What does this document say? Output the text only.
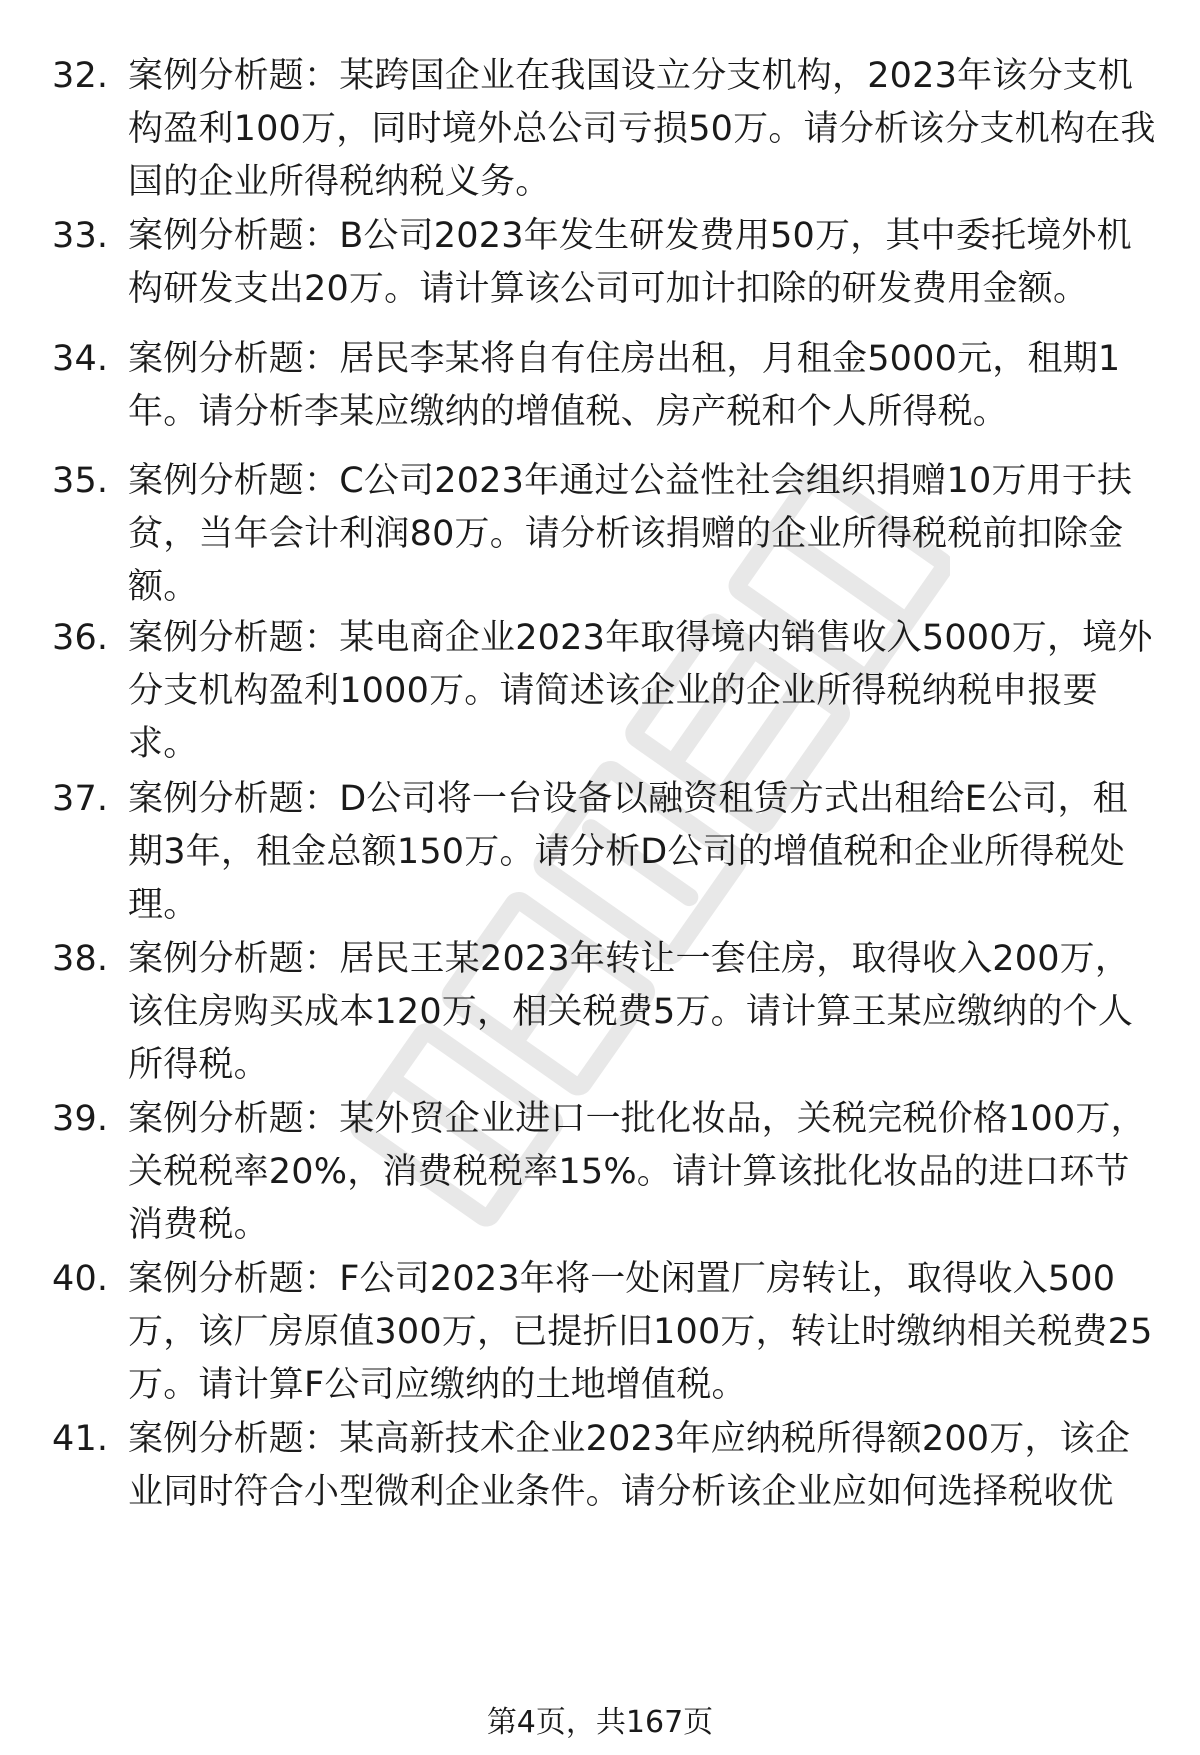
32. 案例分析题：某跨国企业在我国设立分支机构，2023年该分支机构盈利100万，同时境外总公司亏损50万。请分析该分支机构在我国的企业所得税纳税义务。
33. 案例分析题：B公司2023年发生研发费用50万，其中委托境外机构研发支出20万。请计算该公司可加计扣除的研发费用金额。
34. 案例分析题：居民李某将自有住房出租，月租金5000元，租期1年。请分析李某应缴纳的增值税、房产税和个人所得税。
35. 案例分析题：C公司2023年通过公益性社会组织捐赠10万用于扶贫，当年会计利润80万。请分析该捐赠的企业所得税税前扣除金额。
36. 案例分析题：某电商企业2023年取得境内销售收入5000万，境外分支机构盈利1000万。请简述该企业的企业所得税纳税申报要求。
37. 案例分析题：D公司将一台设备以融资租赁方式出租给E公司，租期3年，租金总额150万。请分析D公司的增值税和企业所得税处理。
38. 案例分析题：居民王某2023年转让一套住房，取得收入200万，该住房购买成本120万，相关税费5万。请计算王某应缴纳的个人所得税。
39. 案例分析题：某外贸企业进口一批化妆品，关税完税价格100万，关税税率20%，消费税税率15%。请计算该批化妆品的进口环节消费税。
40. 案例分析题：F公司2023年将一处闲置厂房转让，取得收入500万，该厂房原值300万，已提折旧100万，转让时缴纳相关税费25万。请计算F公司应缴纳的土地增值税。
41. 案例分析题：某高新技术企业2023年应纳税所得额200万，该企业同时符合小型微利企业条件。请分析该企业应如何选择税收优
第4页，共167页
